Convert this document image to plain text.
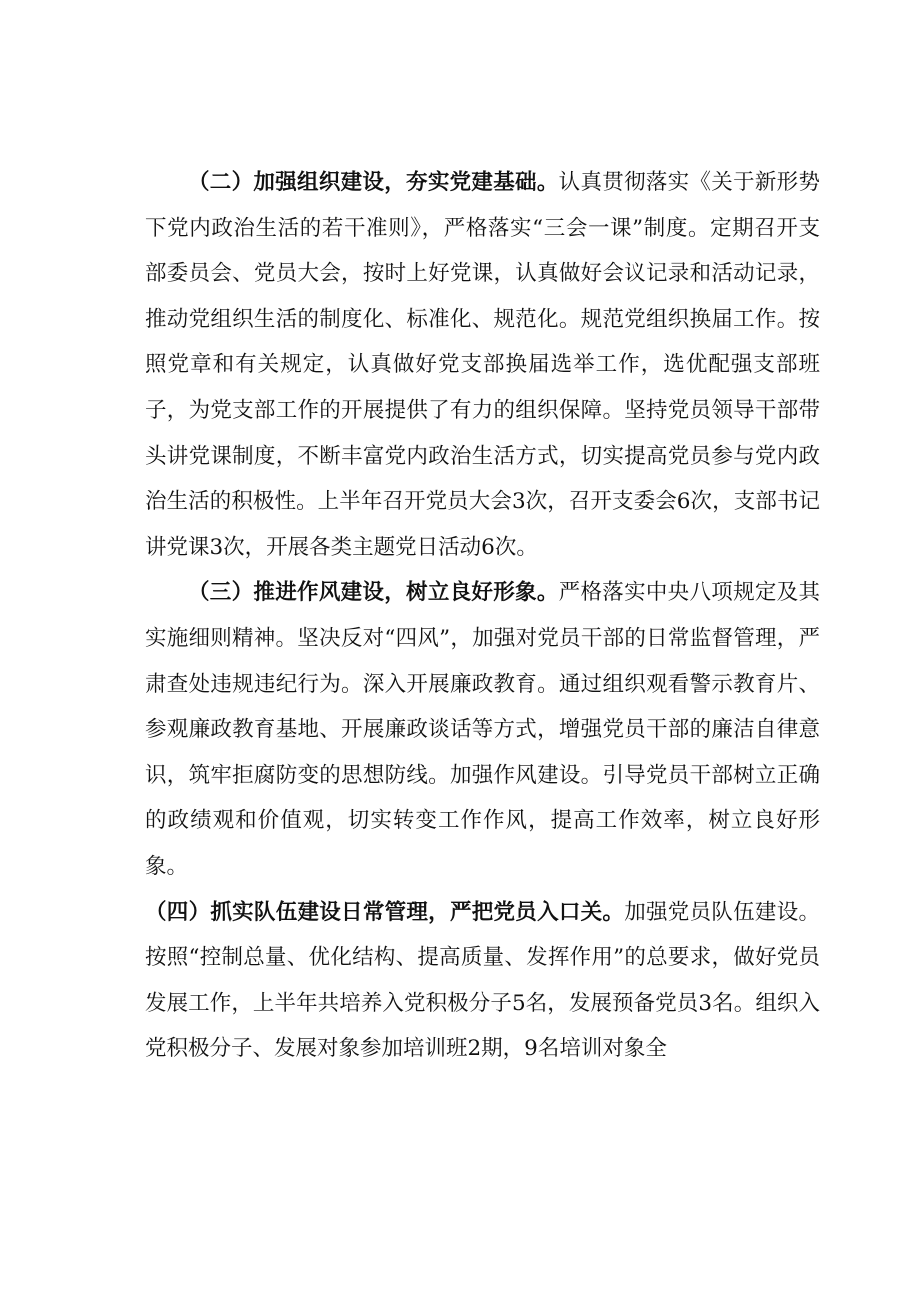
（二）加强组织建设，夯实党建基础。认真贯彻落实《关于新形势下党内政治生活的若干准则》，严格落实“三会一课”制度。定期召开支部委员会、党员大会，按时上好党课，认真做好会议记录和活动记录，推动党组织生活的制度化、标准化、规范化。规范党组织换届工作。按照党章和有关规定，认真做好党支部换届选举工作，选优配强支部班子，为党支部工作的开展提供了有力的组织保障。坚持党员领导干部带头讲党课制度，不断丰富党内政治生活方式，切实提高党员参与党内政治生活的积极性。上半年召开党员大会3次，召开支委会6次，支部书记讲党课3次，开展各类主题党日活动6次。

（三）推进作风建设，树立良好形象。严格落实中央八项规定及其实施细则精神。坚决反对“四风”，加强对党员干部的日常监督管理，严肃查处违规违纪行为。深入开展廉政教育。通过组织观看警示教育片、参观廉政教育基地、开展廉政谈话等方式，增强党员干部的廉洁自律意识，筑牢拒腐防变的思想防线。加强作风建设。引导党员干部树立正确的政绩观和价值观，切实转变工作作风，提高工作效率，树立良好形象。

（四）抓实队伍建设日常管理，严把党员入口关。加强党员队伍建设。按照“控制总量、优化结构、提高质量、发挥作用”的总要求，做好党员发展工作，上半年共培养入党积极分子5名，发展预备党员3名。组织入党积极分子、发展对象参加培训班2期，9名培训对象全
